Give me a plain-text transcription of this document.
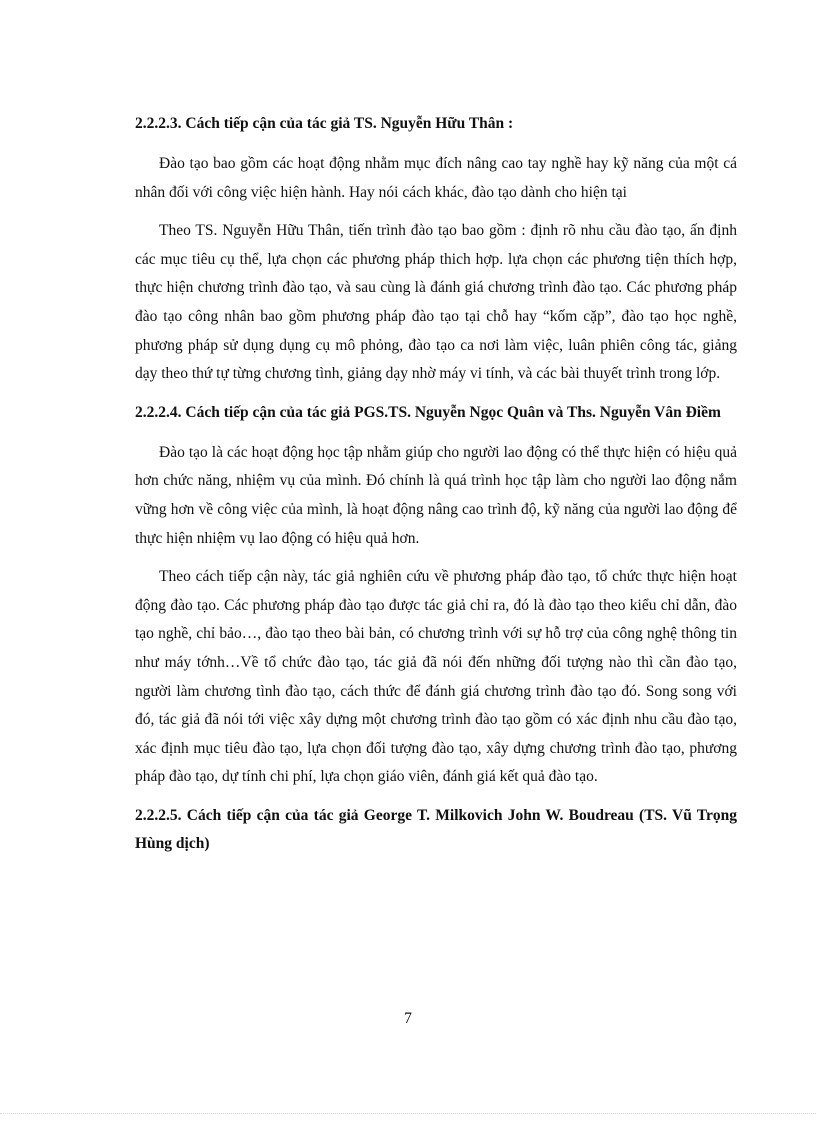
2.2.2.3. Cách tiếp cận của tác giả TS. Nguyễn Hữu Thân :

Đào tạo bao gồm các hoạt động nhằm mục đích nâng cao tay nghề hay kỹ năng của một cá nhân đối với công việc hiện hành. Hay nói cách khác, đào tạo dành cho hiện tại

Theo TS. Nguyễn Hữu Thân, tiến trình đào tạo bao gồm : định rõ nhu cầu đào tạo, ấn định các mục tiêu cụ thể, lựa chọn các phương pháp thich hợp. lựa chọn các phương tiện thích hợp, thực hiện chương trình đào tạo, và sau cùng là đánh giá chương trình đào tạo. Các phương pháp đào tạo công nhân bao gồm phương pháp đào tạo tại chỗ hay “kốm cặp”, đào tạo học nghề, phương pháp sử dụng dụng cụ mô phỏng, đào tạo ca nơi làm việc, luân phiên công tác, giảng dạy theo thứ tự từng chương tình, giảng dạy nhờ máy vi tính, và các bài thuyết trình trong lớp.

2.2.2.4. Cách tiếp cận của tác giả PGS.TS. Nguyễn Ngọc Quân và Ths. Nguyễn Vân Điềm

Đào tạo là các hoạt động học tập nhằm giúp cho người lao động có thể thực hiện có hiệu quả hơn chức năng, nhiệm vụ của mình. Đó chính là quá trình học tập làm cho người lao động nắm vững hơn về công việc của mình, là hoạt động nâng cao trình độ, kỹ năng của người lao động để thực hiện nhiệm vụ lao động có hiệu quả hơn.

Theo cách tiếp cận này, tác giả nghiên cứu về phương pháp đào tạo, tổ chức thực hiện hoạt động đào tạo. Các phương pháp đào tạo được tác giả chỉ ra, đó là đào tạo theo kiểu chỉ dẫn, đào tạo nghề, chỉ bảo…, đào tạo theo bài bản, có chương trình với sự hỗ trợ của công nghệ thông tin như máy tớnh…Về tổ chức đào tạo, tác giả đã nói đến những đối tượng nào thì cần đào tạo, người làm chương tình đào tạo, cách thức để đánh giá chương trình đào tạo đó. Song song với đó, tác giả đã nói tới việc xây dựng một chương trình đào tạo gồm có xác định nhu cầu đào tạo, xác định mục tiêu đào tạo, lựa chọn đối tượng đào tạo, xây dựng chương trình đào tạo, phương pháp đào tạo, dự tính chi phí, lựa chọn giáo viên, đánh giá kết quả đào tạo.

2.2.2.5. Cách tiếp cận của tác giả George T. Milkovich John W. Boudreau (TS. Vũ Trọng Hùng dịch)
7
